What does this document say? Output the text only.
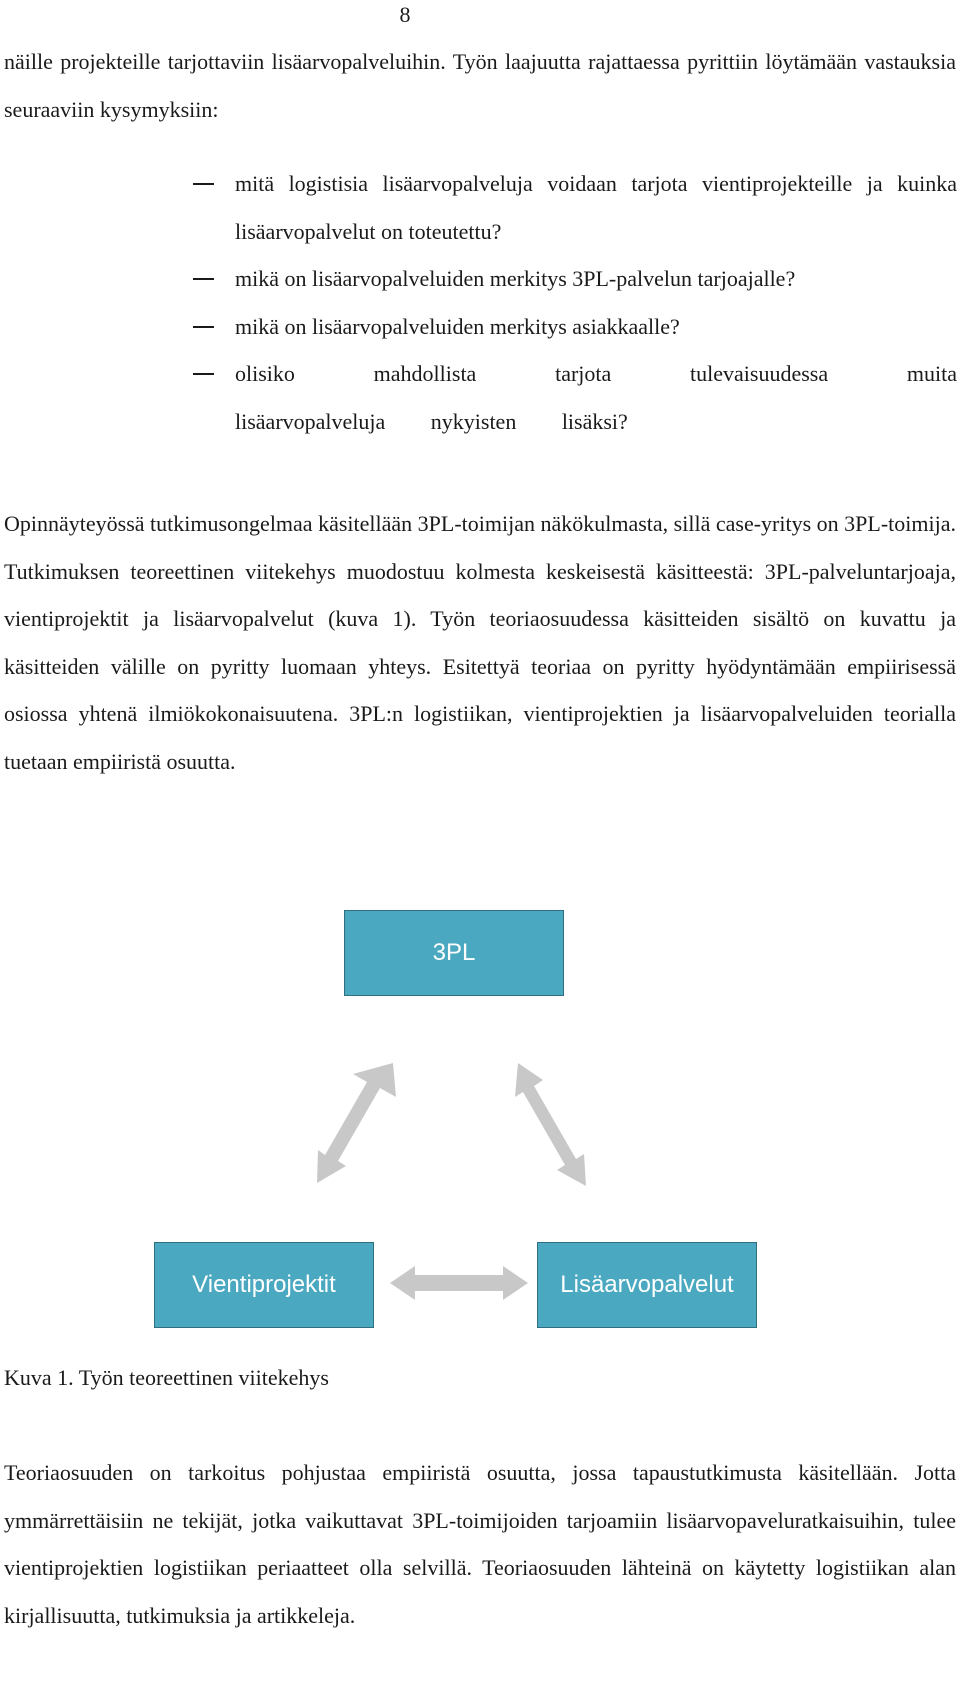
8

näille projekteille tarjottaviin lisäarvopalveluihin. Työn laajuutta rajattaessa pyrittiin löytämään vastauksia seuraaviin kysymyksiin:

mitä logistisia lisäarvopalveluja voidaan tarjota vientiprojekteille ja kuinka lisäarvopalvelut on toteutettu?
mikä on lisäarvopalveluiden merkitys 3PL-palvelun tarjoajalle?
mikä on lisäarvopalveluiden merkitys asiakkaalle?
olisiko mahdollista tarjota tulevaisuudessa muita lisäarvopalveluja nykyisten lisäksi?

Opinnäyteyössä tutkimusongelmaa käsitellään 3PL-toimijan näkökulmasta, sillä case-yritys on 3PL-toimija. Tutkimuksen teoreettinen viitekehys muodostuu kolmesta keskeisestä käsitteestä: 3PL-palveluntarjoaja, vientiprojektit ja lisäarvopalvelut (kuva 1). Työn teoriaosuudessa käsitteiden sisältö on kuvattu ja käsitteiden välille on pyritty luomaan yhteys. Esitettyä teoriaa on pyritty hyödyntämään empiirisessä osiossa yhtenä ilmiökokonaisuutena. 3PL:n logistiikan, vientiprojektien ja lisäarvopalveluiden teorialla tuetaan empiiristä osuutta.

3PL
Vientiprojektit	Lisäarvopalvelut

Kuva 1. Työn teoreettinen viitekehys

Teoriaosuuden on tarkoitus pohjustaa empiiristä osuutta, jossa tapaustutkimusta käsitellään. Jotta ymmärrettäisiin ne tekijät, jotka vaikuttavat 3PL-toimijoiden tarjoamiin lisäarvopaveluratkaisuihin, tulee vientiprojektien logistiikan periaatteet olla selvillä. Teoriaosuuden lähteinä on käytetty logistiikan alan kirjallisuutta, tutkimuksia ja artikkeleja.
